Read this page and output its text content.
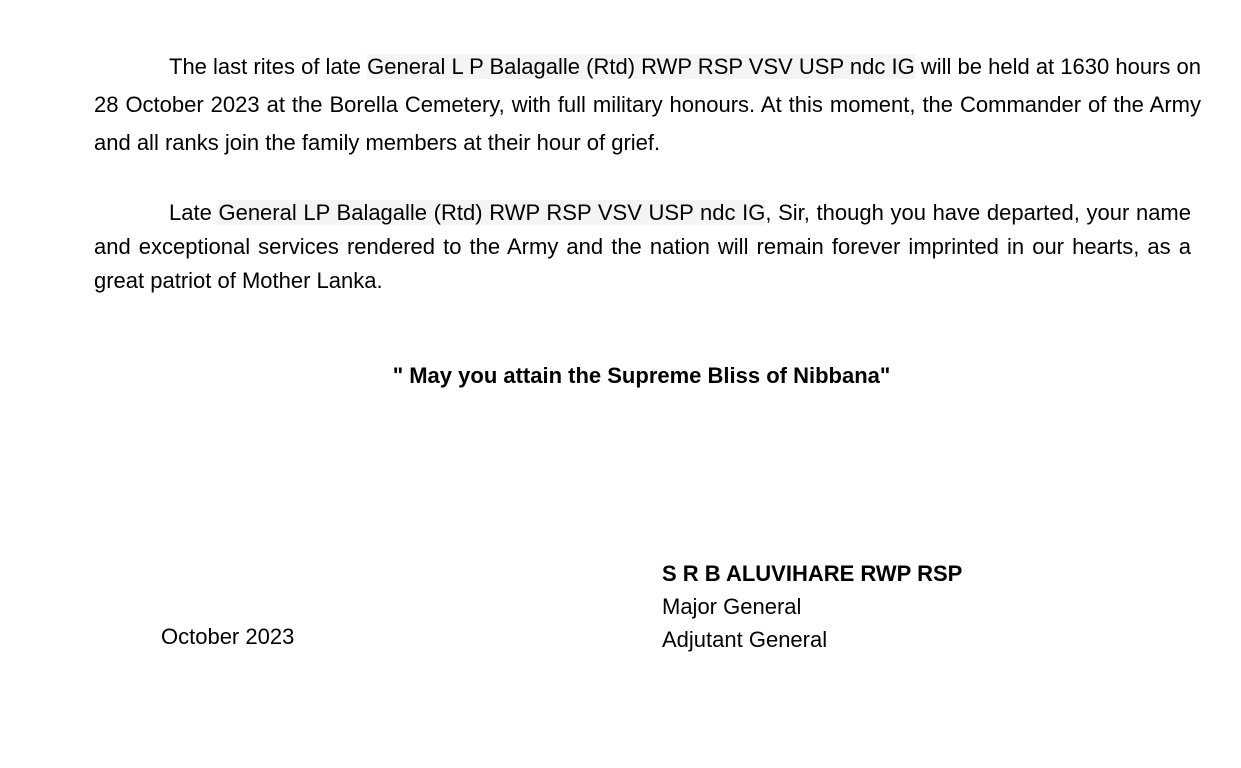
The last rites of late General L P Balagalle (Rtd) RWP RSP VSV USP ndc IG will be held at 1630 hours on 28 October 2023 at the Borella Cemetery, with full military honours. At this moment, the Commander of the Army and all ranks join the family members at their hour of grief.

Late General LP Balagalle (Rtd) RWP RSP VSV USP ndc IG, Sir, though you have departed, your name and exceptional services rendered to the Army and the nation will remain forever imprinted in our hearts, as a great patriot of Mother Lanka.

" May you attain the Supreme Bliss of Nibbana"

October 2023

S R B ALUVIHARE RWP RSP
Major General
Adjutant General
